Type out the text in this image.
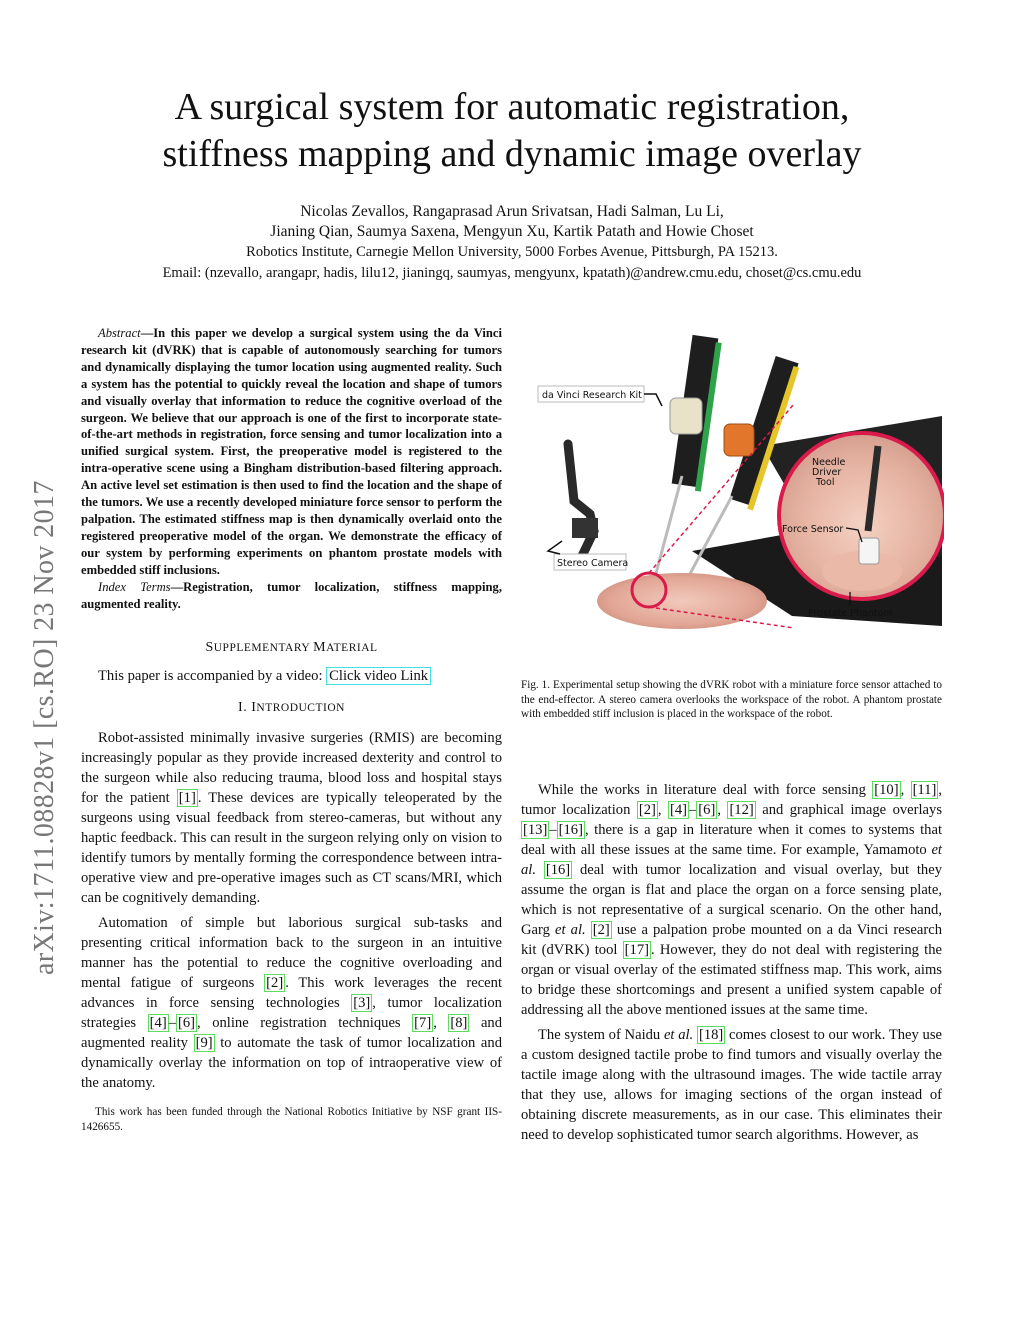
arXiv:1711.08828v1 [cs.RO] 23 Nov 2017
A surgical system for automatic registration,
stiffness mapping and dynamic image overlay
Nicolas Zevallos, Rangaprasad Arun Srivatsan, Hadi Salman, Lu Li,
Jianing Qian, Saumya Saxena, Mengyun Xu, Kartik Patath and Howie Choset
Robotics Institute, Carnegie Mellon University, 5000 Forbes Avenue, Pittsburgh, PA 15213.
Email: (nzevallo, arangapr, hadis, lilu12, jianingq, saumyas, mengyunx, kpatath)@andrew.cmu.edu, choset@cs.cmu.edu

Abstract—In this paper we develop a surgical system using the da Vinci research kit (dVRK) that is capable of autonomously searching for tumors and dynamically displaying the tumor location using augmented reality. Such a system has the potential to quickly reveal the location and shape of tumors and visually overlay that information to reduce the cognitive overload of the surgeon. We believe that our approach is one of the first to incorporate state-of-the-art methods in registration, force sensing and tumor localization into a unified surgical system. First, the preoperative model is registered to the intra-operative scene using a Bingham distribution-based filtering approach. An active level set estimation is then used to find the location and the shape of the tumors. We use a recently developed miniature force sensor to perform the palpation. The estimated stiffness map is then dynamically overlaid onto the registered preoperative model of the organ. We demonstrate the efficacy of our system by performing experiments on phantom prostate models with embedded stiff inclusions.

Index Terms—Registration, tumor localization, stiffness mapping, augmented reality.

SUPPLEMENTARY MATERIAL

This paper is accompanied by a video: Click video Link

I. INTRODUCTION

Robot-assisted minimally invasive surgeries (RMIS) are becoming increasingly popular as they provide increased dexterity and control to the surgeon while also reducing trauma, blood loss and hospital stays for the patient [1] . These devices are typically teleoperated by the surgeons using visual feedback from stereo-cameras, but without any haptic feedback. This can result in the surgeon relying only on vision to identify tumors by mentally forming the correspondence between intra-operative view and pre-operative images such as CT scans/MRI, which can be cognitively demanding.

Automation of simple but laborious surgical sub-tasks and presenting critical information back to the surgeon in an intuitive manner has the potential to reduce the cognitive overloading and mental fatigue of surgeons [2] . This work leverages the recent advances in force sensing technologies [3] , tumor localization strategies [4] – [6] , online registration techniques [7] , [8] and augmented reality [9] to automate the task of tumor localization and dynamically overlay the information on top of intraoperative view of the anatomy.

This work has been funded through the National Robotics Initiative by NSF grant IIS-1426655.

da Vinci Research Kit
Stereo Camera
Needle
Driver
Tool
Force Sensor
Prostate Phantom

Fig. 1. Experimental setup showing the dVRK robot with a miniature force sensor attached to the end-effector. A stereo camera overlooks the workspace of the robot. A phantom prostate with embedded stiff inclusion is placed in the workspace of the robot.

While the works in literature deal with force sensing [10] , [11] , tumor localization [2] , [4] – [6] , [12] and graphical image overlays [13] – [16] , there is a gap in literature when it comes to systems that deal with all these issues at the same time. For example, Yamamoto et al. [16] deal with tumor localization and visual overlay, but they assume the organ is flat and place the organ on a force sensing plate, which is not representative of a surgical scenario. On the other hand, Garg et al. [2] use a palpation probe mounted on a da Vinci research kit (dVRK) tool [17] . However, they do not deal with registering the organ or visual overlay of the estimated stiffness map. This work, aims to bridge these shortcomings and present a unified system capable of addressing all the above mentioned issues at the same time.

The system of Naidu et al. [18] comes closest to our work. They use a custom designed tactile probe to find tumors and visually overlay the tactile image along with the ultrasound images. The wide tactile array that they use, allows for imaging sections of the organ instead of obtaining discrete measurements, as in our case. This eliminates their need to develop sophisticated tumor search algorithms. However, as
